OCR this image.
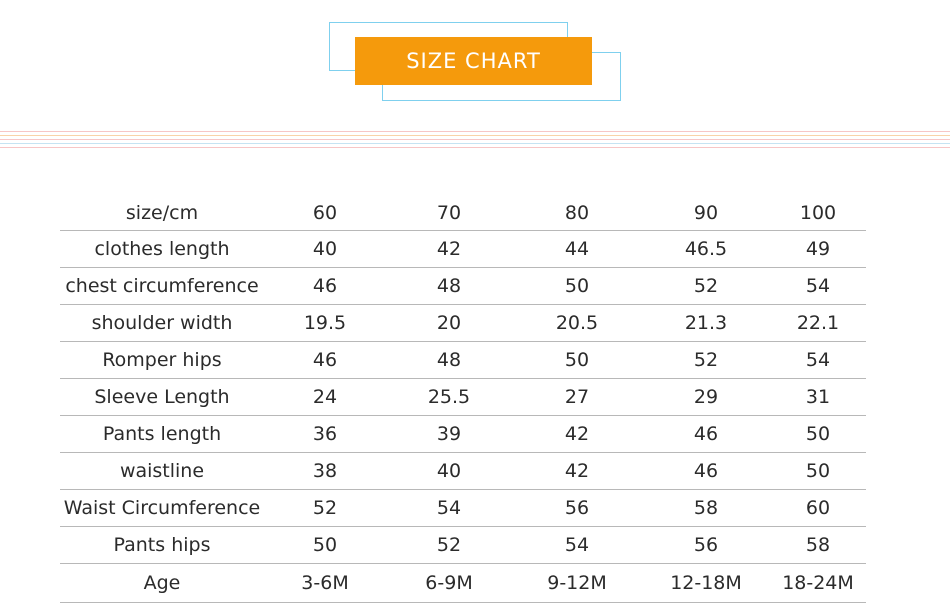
SIZE CHART
size/cm	60	70	80	90	100
clothes length	40	42	44	46.5	49
chest circumference	46	48	50	52	54
shoulder width	19.5	20	20.5	21.3	22.1
Romper hips	46	48	50	52	54
Sleeve Length	24	25.5	27	29	31
Pants length	36	39	42	46	50
waistline	38	40	42	46	50
Waist Circumference	52	54	56	58	60
Pants hips	50	52	54	56	58
Age	3-6M	6-9M	9-12M	12-18M	18-24M
